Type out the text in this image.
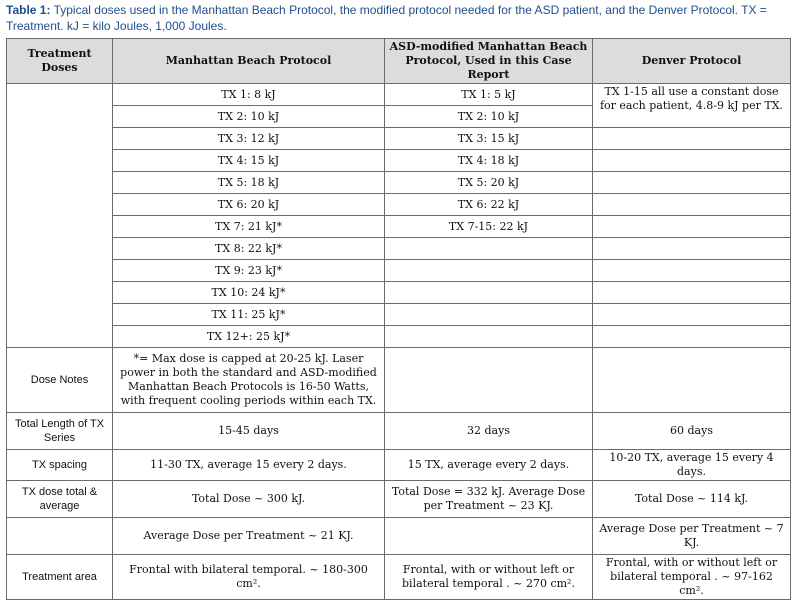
Table 1: Typical doses used in the Manhattan Beach Protocol, the modified protocol needed for the ASD patient, and the Denver Protocol. TX = Treatment. kJ = kilo Joules, 1,000 Joules.
Treatment Doses	Manhattan Beach Protocol	ASD-modified Manhattan Beach Protocol, Used in this Case Report	Denver Protocol
	TX 1: 8 kJ	TX 1: 5 kJ	TX 1-15 all use a constant dose for each patient, 4.8-9 kJ per TX.
	TX 2: 10 kJ	TX 2: 10 kJ	
	TX 3: 12 kJ	TX 3: 15 kJ	
	TX 4: 15 kJ	TX 4: 18 kJ	
	TX 5: 18 kJ	TX 5: 20 kJ	
	TX 6: 20 kJ	TX 6: 22 kJ	
	TX 7: 21 kJ*	TX 7-15: 22 kJ	
	TX 8: 22 kJ*		
	TX 9: 23 kJ*		
	TX 10: 24 kJ*		
	TX 11: 25 kJ*		
	TX 12+: 25 kJ*		
Dose Notes	*= Max dose is capped at 20-25 kJ. Laser power in both the standard and ASD-modified Manhattan Beach Protocols is 16-50 Watts, with frequent cooling periods within each TX.		
Total Length of TX Series	15-45 days	32 days	60 days
TX spacing	11-30 TX, average 15 every 2 days.	15 TX, average every 2 days.	10-20 TX, average 15 every 4 days.
TX dose total & average	Total Dose ~ 300 kJ.	Total Dose = 332 kJ. Average Dose per Treatment ~ 23 KJ.	Total Dose ~ 114 kJ.
	Average Dose per Treatment ~ 21 KJ.		Average Dose per Treatment ~ 7 KJ.
Treatment area	Frontal with bilateral temporal. ~ 180-300 cm².	Frontal, with or without left or bilateral temporal . ~ 270 cm².	Frontal, with or without left or bilateral temporal . ~ 97-162 cm².
